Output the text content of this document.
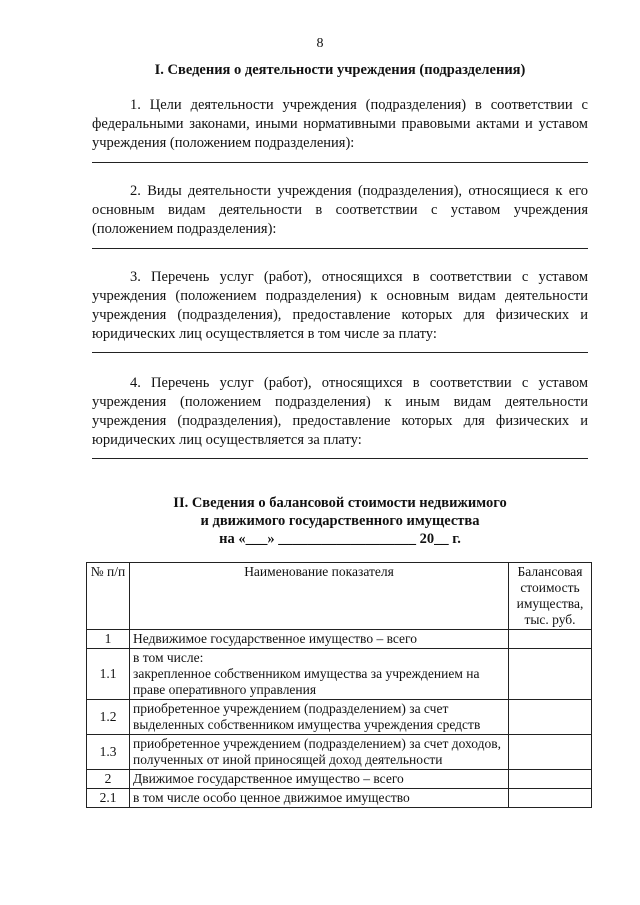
8
I. Сведения о деятельности учреждения (подразделения)
1. Цели деятельности учреждения (подразделения) в соответствии с федеральными законами, иными нормативными правовыми актами и уставом учреждения (положением подразделения):
2. Виды деятельности учреждения (подразделения), относящиеся к его основным видам деятельности в соответствии с уставом учреждения (положением подразделения):
3. Перечень услуг (работ), относящихся в соответствии с уставом учреждения (положением подразделения) к основным видам деятельности учреждения (подразделения), предоставление которых для физических и юридических лиц осуществляется в том числе за плату:
4. Перечень услуг (работ), относящихся в соответствии с уставом учреждения (положением подразделения) к иным видам деятельности учреждения (подразделения), предоставление которых для физических и юридических лиц осуществляется за плату:
II. Сведения о балансовой стоимости недвижимого
и движимого государственного имущества
на «___» ___________________ 20__ г.
№ п/п	Наименование показателя	Балансовая стоимость имущества, тыс. руб.
1	Недвижимое государственное имущество – всего	

1.1	в том числе:
закрепленное собственником имущества за учреждением на праве оперативного управления	

1.2	приобретенное учреждением (подразделением) за счет выделенных собственником имущества учреждения средств	

1.3	приобретенное учреждением (подразделением) за счет доходов, полученных от иной приносящей доход деятельности	

2	Движимое государственное имущество – всего	

2.1	в том числе особо ценное движимое имущество	
